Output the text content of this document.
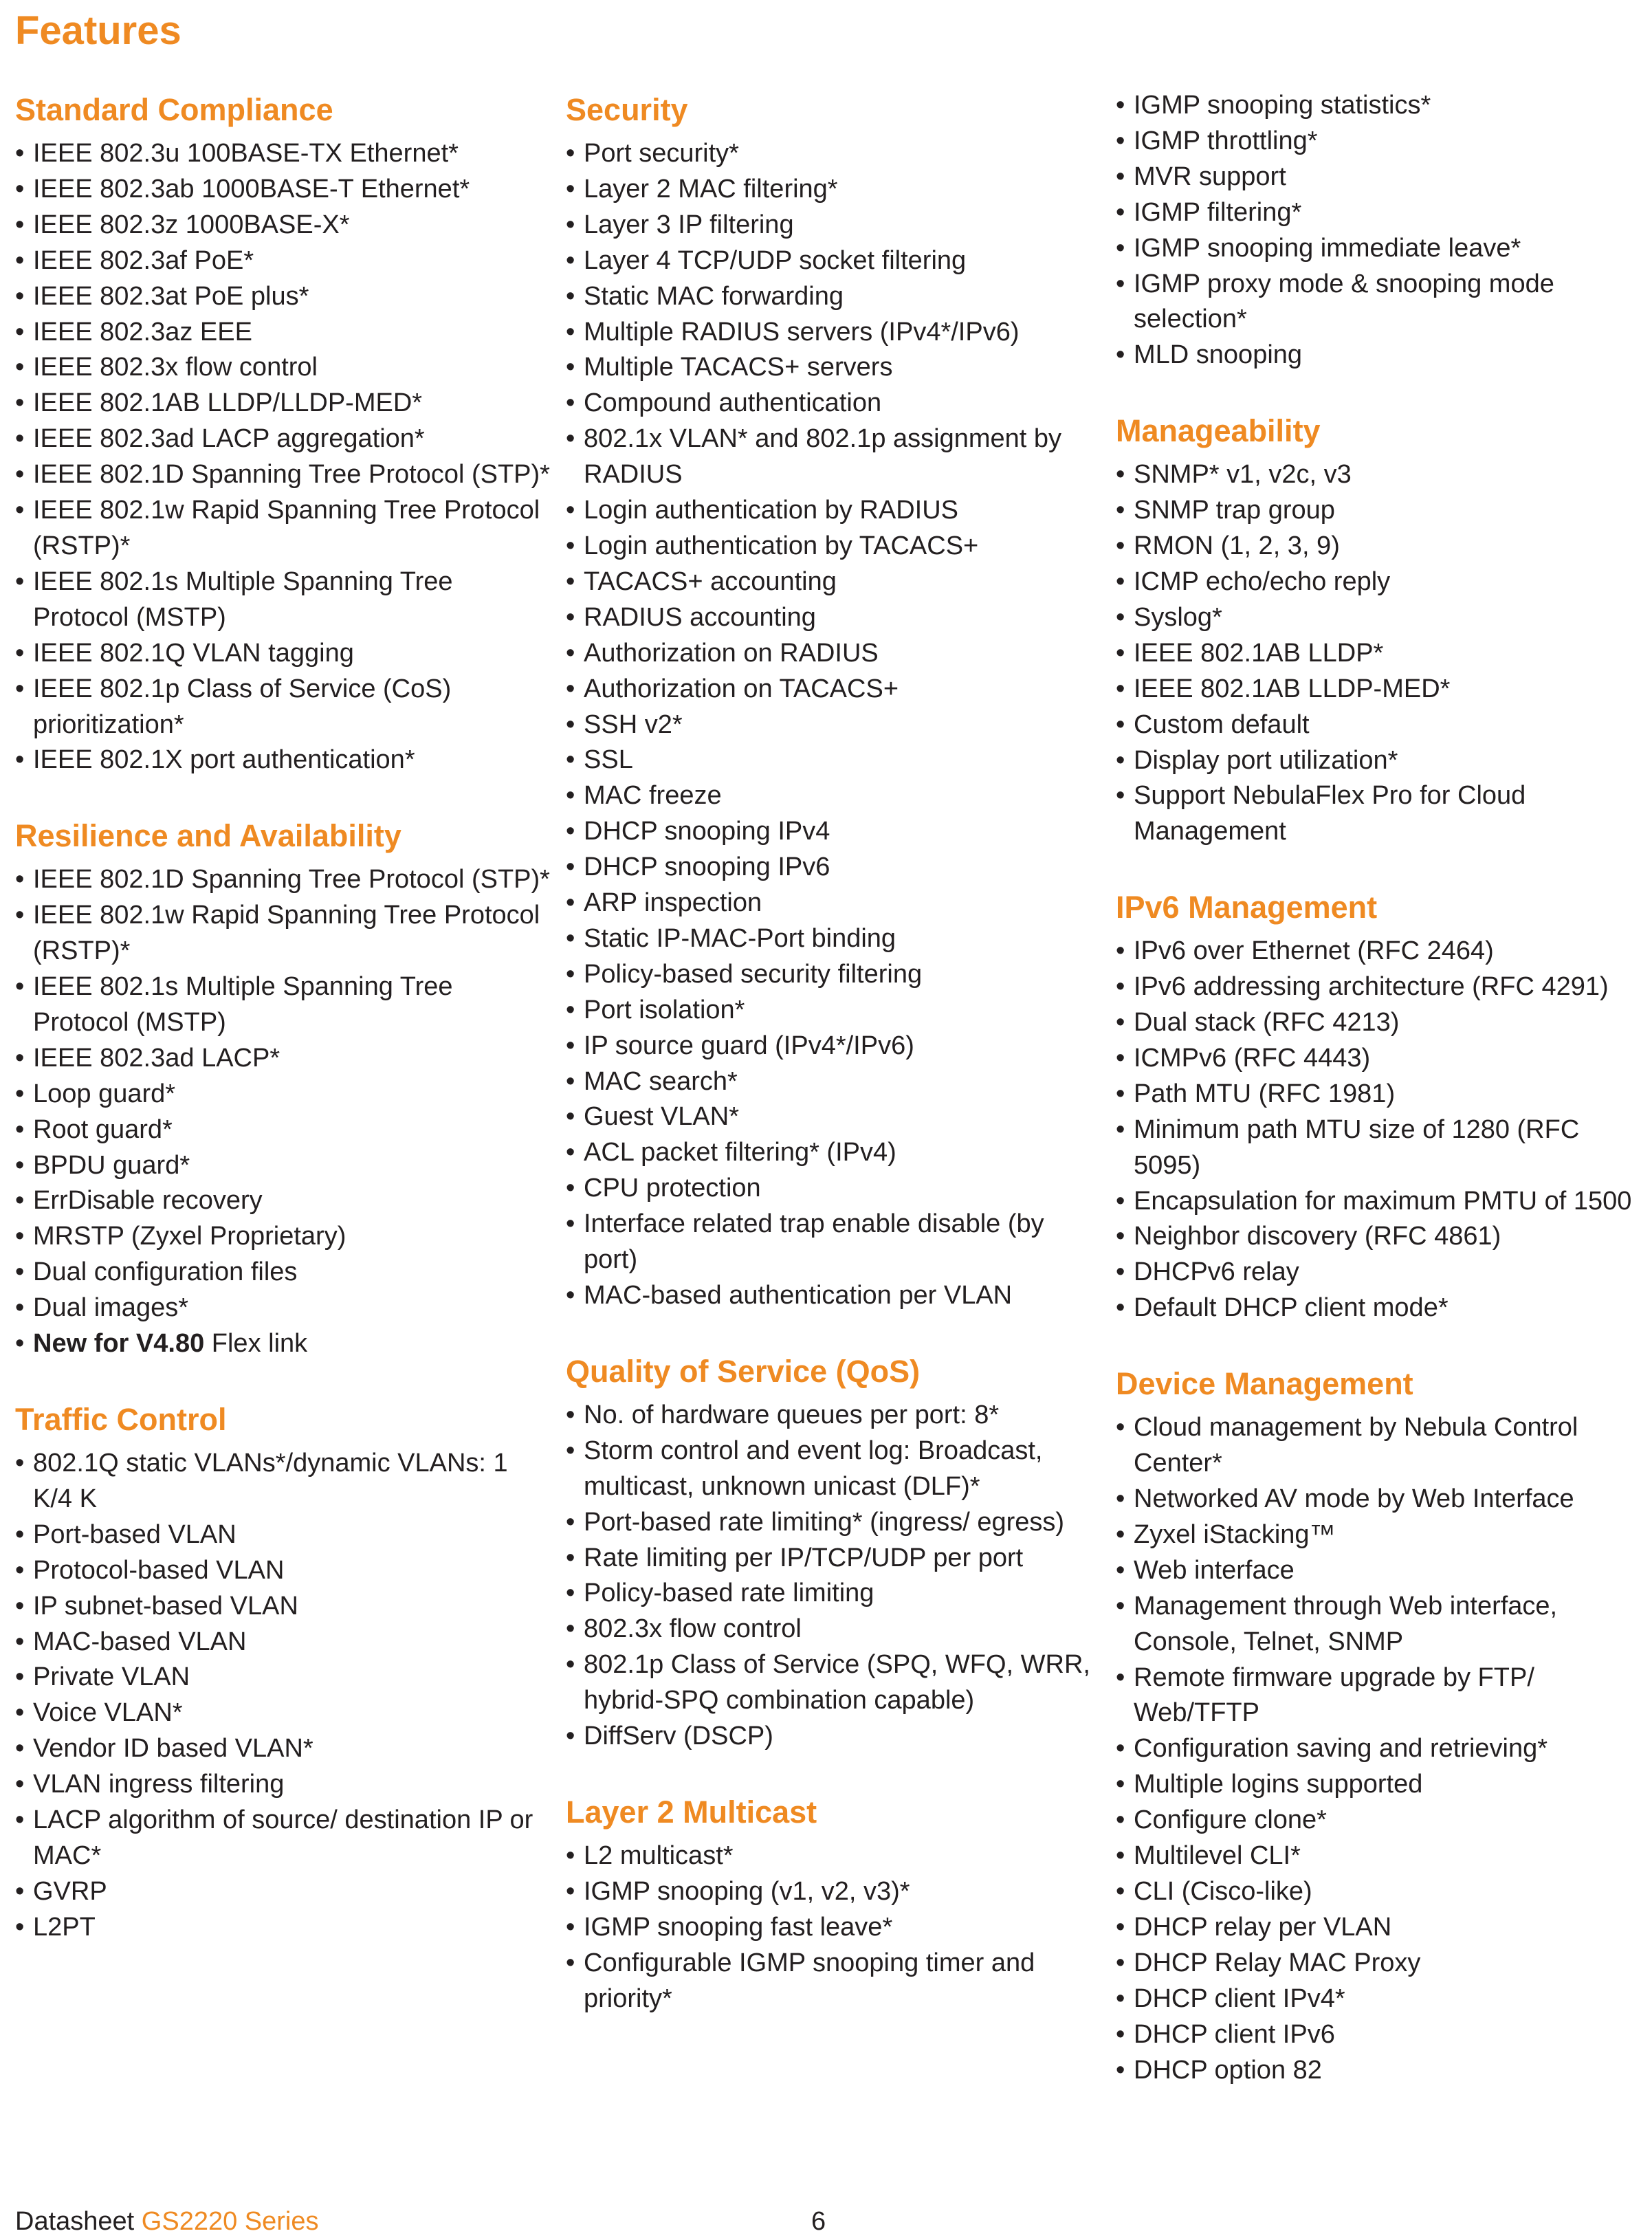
Features
Standard Compliance
• IEEE 802.3u 100BASE-TX Ethernet*
• IEEE 802.3ab 1000BASE-T Ethernet*
• IEEE 802.3z 1000BASE-X*
• IEEE 802.3af PoE*
• IEEE 802.3at PoE plus*
• IEEE 802.3az EEE
• IEEE 802.3x flow control
• IEEE 802.1AB LLDP/LLDP-MED*
• IEEE 802.3ad LACP aggregation*
• IEEE 802.1D Spanning Tree Protocol (STP)*
• IEEE 802.1w Rapid Spanning Tree Protocol (RSTP)*
• IEEE 802.1s Multiple Spanning Tree Protocol (MSTP)
• IEEE 802.1Q VLAN tagging
• IEEE 802.1p Class of Service (CoS) prioritization*
• IEEE 802.1X port authentication*
Resilience and Availability
• IEEE 802.1D Spanning Tree Protocol (STP)*
• IEEE 802.1w Rapid Spanning Tree Protocol (RSTP)*
• IEEE 802.1s Multiple Spanning Tree Protocol (MSTP)
• IEEE 802.3ad LACP*
• Loop guard*
• Root guard*
• BPDU guard*
• ErrDisable recovery
• MRSTP (Zyxel Proprietary)
• Dual configuration files
• Dual images*
• New for V4.80 Flex link
Traffic Control
• 802.1Q static VLANs*/dynamic VLANs: 1 K/4 K
• Port-based VLAN
• Protocol-based VLAN
• IP subnet-based VLAN
• MAC-based VLAN
• Private VLAN
• Voice VLAN*
• Vendor ID based VLAN*
• VLAN ingress filtering
• LACP algorithm of source/ destination IP or MAC*
• GVRP
• L2PT
Security
• Port security*
• Layer 2 MAC filtering*
• Layer 3 IP filtering
• Layer 4 TCP/UDP socket filtering
• Static MAC forwarding
• Multiple RADIUS servers (IPv4*/IPv6)
• Multiple TACACS+ servers
• Compound authentication
• 802.1x VLAN* and 802.1p assignment by RADIUS
• Login authentication by RADIUS
• Login authentication by TACACS+
• TACACS+ accounting
• RADIUS accounting
• Authorization on RADIUS
• Authorization on TACACS+
• SSH v2*
• SSL
• MAC freeze
• DHCP snooping IPv4
• DHCP snooping IPv6
• ARP inspection
• Static IP-MAC-Port binding
• Policy-based security filtering
• Port isolation*
• IP source guard (IPv4*/IPv6)
• MAC search*
• Guest VLAN*
• ACL packet filtering* (IPv4)
• CPU protection
• Interface related trap enable disable (by port)
• MAC-based authentication per VLAN
Quality of Service (QoS)
• No. of hardware queues per port: 8*
• Storm control and event log: Broadcast, multicast, unknown unicast (DLF)*
• Port-based rate limiting* (ingress/ egress)
• Rate limiting per IP/TCP/UDP per port
• Policy-based rate limiting
• 802.3x flow control
• 802.1p Class of Service (SPQ, WFQ, WRR, hybrid-SPQ combination capable)
• DiffServ (DSCP)
Layer 2 Multicast
• L2 multicast*
• IGMP snooping (v1, v2, v3)*
• IGMP snooping fast leave*
• Configurable IGMP snooping timer and priority*
• IGMP snooping statistics*
• IGMP throttling*
• MVR support
• IGMP filtering*
• IGMP snooping immediate leave*
• IGMP proxy mode & snooping mode selection*
• MLD snooping
Manageability
• SNMP* v1, v2c, v3
• SNMP trap group
• RMON (1, 2, 3, 9)
• ICMP echo/echo reply
• Syslog*
• IEEE 802.1AB LLDP*
• IEEE 802.1AB LLDP-MED*
• Custom default
• Display port utilization*
• Support NebulaFlex Pro for Cloud Management
IPv6 Management
• IPv6 over Ethernet (RFC 2464)
• IPv6 addressing architecture (RFC 4291)
• Dual stack (RFC 4213)
• ICMPv6 (RFC 4443)
• Path MTU (RFC 1981)
• Minimum path MTU size of 1280 (RFC 5095)
• Encapsulation for maximum PMTU of 1500
• Neighbor discovery (RFC 4861)
• DHCPv6 relay
• Default DHCP client mode*
Device Management
• Cloud management by Nebula Control Center*
• Networked AV mode by Web Interface
• Zyxel iStacking™
• Web interface
• Management through Web interface, Console, Telnet, SNMP
• Remote firmware upgrade by FTP/ Web/TFTP
• Configuration saving and retrieving*
• Multiple logins supported
• Configure clone*
• Multilevel CLI*
• CLI (Cisco-like)
• DHCP relay per VLAN
• DHCP Relay MAC Proxy
• DHCP client IPv4*
• DHCP client IPv6
• DHCP option 82
Datasheet GS2220 Series	6
